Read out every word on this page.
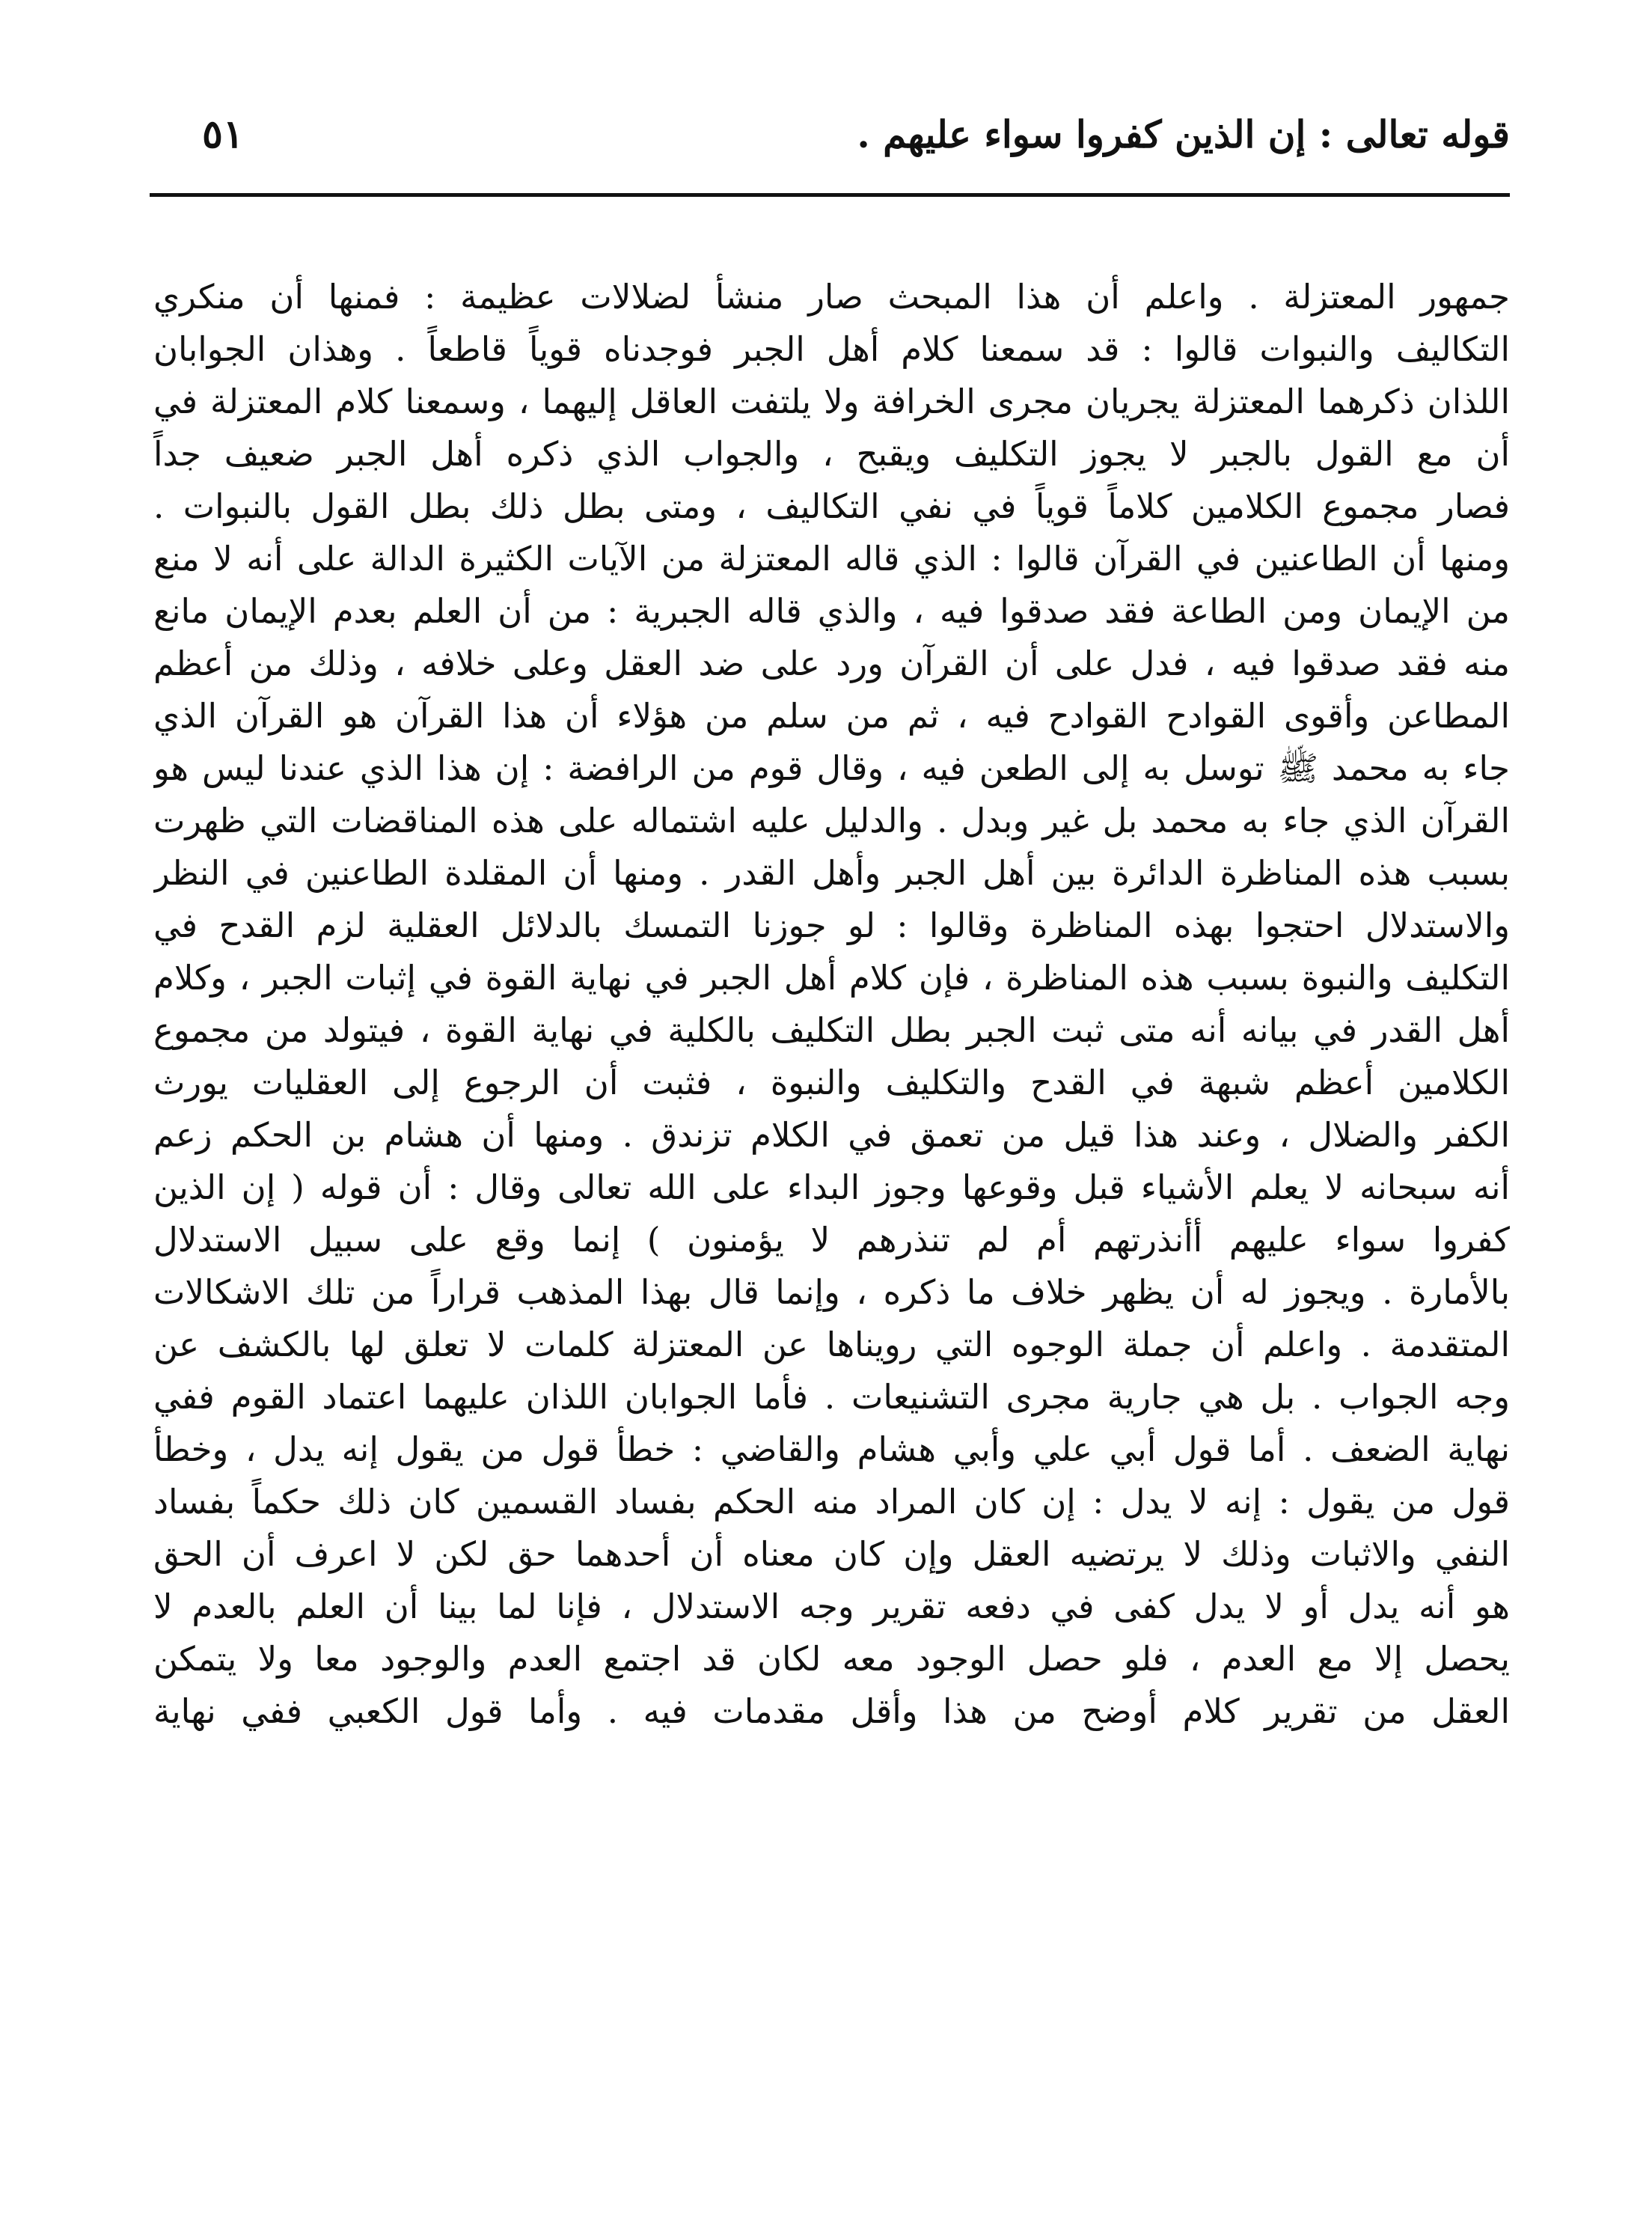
قوله تعالى : إن الذين كفروا سواء عليهم .
٥١
جمهور المعتزلة . واعلم أن هذا المبحث صار منشأ لضلالات عظيمة : فمنها أن منكري
التكاليف والنبوات قالوا : قد سمعنا كلام أهل الجبر فوجدناه قوياً قاطعاً . وهذان الجوابان
اللذان ذكرهما المعتزلة يجريان مجرى الخرافة ولا يلتفت العاقل إليهما ، وسمعنا كلام المعتزلة في
أن مع القول بالجبر لا يجوز التكليف ويقبح ، والجواب الذي ذكره أهل الجبر ضعيف جداً
فصار مجموع الكلامين كلاماً قوياً في نفي التكاليف ، ومتى بطل ذلك بطل القول بالنبوات .
ومنها أن الطاعنين في القرآن قالوا : الذي قاله المعتزلة من الآيات الكثيرة الدالة على أنه لا منع
من الإيمان ومن الطاعة فقد صدقوا فيه ، والذي قاله الجبرية : من أن العلم بعدم الإيمان مانع
منه فقد صدقوا فيه ، فدل على أن القرآن ورد على ضد العقل وعلى خلافه ، وذلك من أعظم
المطاعن وأقوى القوادح القوادح فيه ، ثم من سلم من هؤلاء أن هذا القرآن هو القرآن الذي
جاء به محمد ﷺ توسل به إلى الطعن فيه ، وقال قوم من الرافضة : إن هذا الذي عندنا ليس هو
القرآن الذي جاء به محمد بل غير وبدل . والدليل عليه اشتماله على هذه المناقضات التي ظهرت
بسبب هذه المناظرة الدائرة بين أهل الجبر وأهل القدر . ومنها أن المقلدة الطاعنين في النظر
والاستدلال احتجوا بهذه المناظرة وقالوا : لو جوزنا التمسك بالدلائل العقلية لزم القدح في
التكليف والنبوة بسبب هذه المناظرة ، فإن كلام أهل الجبر في نهاية القوة في إثبات الجبر ، وكلام
أهل القدر في بيانه أنه متى ثبت الجبر بطل التكليف بالكلية في نهاية القوة ، فيتولد من مجموع
الكلامين أعظم شبهة في القدح والتكليف والنبوة ، فثبت أن الرجوع إلى العقليات يورث
الكفر والضلال ، وعند هذا قيل من تعمق في الكلام تزندق . ومنها أن هشام بن الحكم زعم
أنه سبحانه لا يعلم الأشياء قبل وقوعها وجوز البداء على الله تعالى وقال : أن قوله ( إن الذين
كفروا سواء عليهم أأنذرتهم أم لم تنذرهم لا يؤمنون ) إنما وقع على سبيل الاستدلال
بالأمارة . ويجوز له أن يظهر خلاف ما ذكره ، وإنما قال بهذا المذهب قراراً من تلك الاشكالات
المتقدمة . واعلم أن جملة الوجوه التي رويناها عن المعتزلة كلمات لا تعلق لها بالكشف عن
وجه الجواب . بل هي جارية مجرى التشنيعات . فأما الجوابان اللذان عليهما اعتماد القوم ففي
نهاية الضعف . أما قول أبي علي وأبي هشام والقاضي : خطأ قول من يقول إنه يدل ، وخطأ
قول من يقول : إنه لا يدل : إن كان المراد منه الحكم بفساد القسمين كان ذلك حكماً بفساد
النفي والاثبات وذلك لا يرتضيه العقل وإن كان معناه أن أحدهما حق لكن لا اعرف أن الحق
هو أنه يدل أو لا يدل كفى في دفعه تقرير وجه الاستدلال ، فإنا لما بينا أن العلم بالعدم لا
يحصل إلا مع العدم ، فلو حصل الوجود معه لكان قد اجتمع العدم والوجود معا ولا يتمكن
العقل من تقرير كلام أوضح من هذا وأقل مقدمات فيه . وأما قول الكعبي ففي نهاية
